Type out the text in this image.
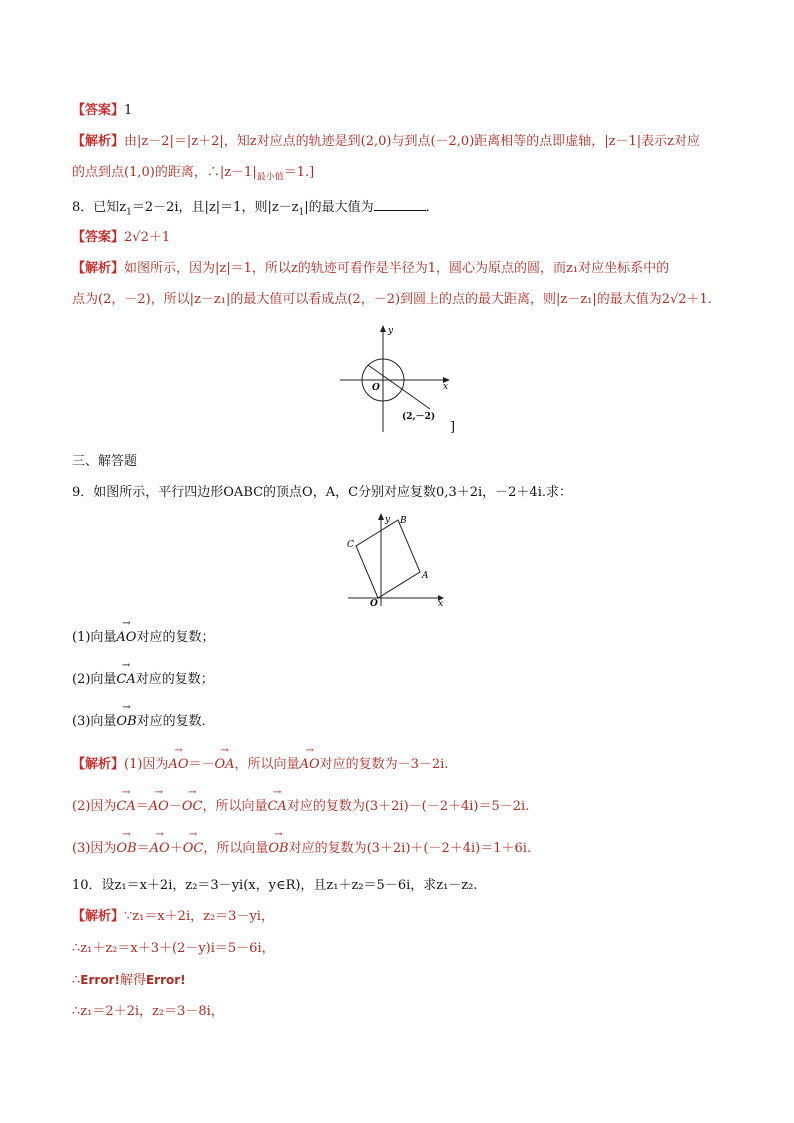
【答案】1
【解析】由|z－2|＝|z＋2|，知z对应点的轨迹是到(2,0)与到点(－2,0)距离相等的点即虚轴，|z－1|表示z对应
的点到点(1,0)的距离，$\therefore|z-1|_{最小值}=1$.]
8．已知$z_1=2-2i$，且|z|＝1，则$|z-z_1|$的最大值为	．
【答案】2√2＋1
【解析】如图所示，因为|z|＝1，所以z的轨迹可看作是半径为1，圆心为原点的圆，而z₁对应坐标系中的
点为(2，－2)，所以|z－z₁|的最大值可以看成点(2，－2)到圆上的点的最大距离，则|z－z₁|的最大值为2√2＋1.
y
x
O
(2,－2)
]
三、解答题
9．如图所示，平行四边形OABC的顶点O，A，C分别对应复数0,3＋2i，－2＋4i.求：
y
x
O
A
B
C
(1)向量→ AO对应的复数；
(2)向量→ CA对应的复数；
(3)向量→ OB对应的复数．
【解析】(1)因为→ AO＝－→ OA，所以向量→ AO对应的复数为－3－2i.
(2)因为→ CA＝→ AO－→ OC，所以向量→ CA对应的复数为(3＋2i)－(－2＋4i)＝5－2i.
(3)因为→ OB＝→ AO＋→ OC，所以向量→ OB对应的复数为(3＋2i)＋(－2＋4i)＝1＋6i.
10．设z₁＝x＋2i，z₂＝3－yi(x，y∈R)，且z₁＋z₂＝5－6i，求z₁－z₂.
【解析】∵z₁＝x＋2i，z₂＝3－yi，
∴z₁＋z₂＝x＋3＋(2－y)i＝5－6i，
∴Error!解得Error!
∴z₁＝2＋2i，z₂＝3－8i，
